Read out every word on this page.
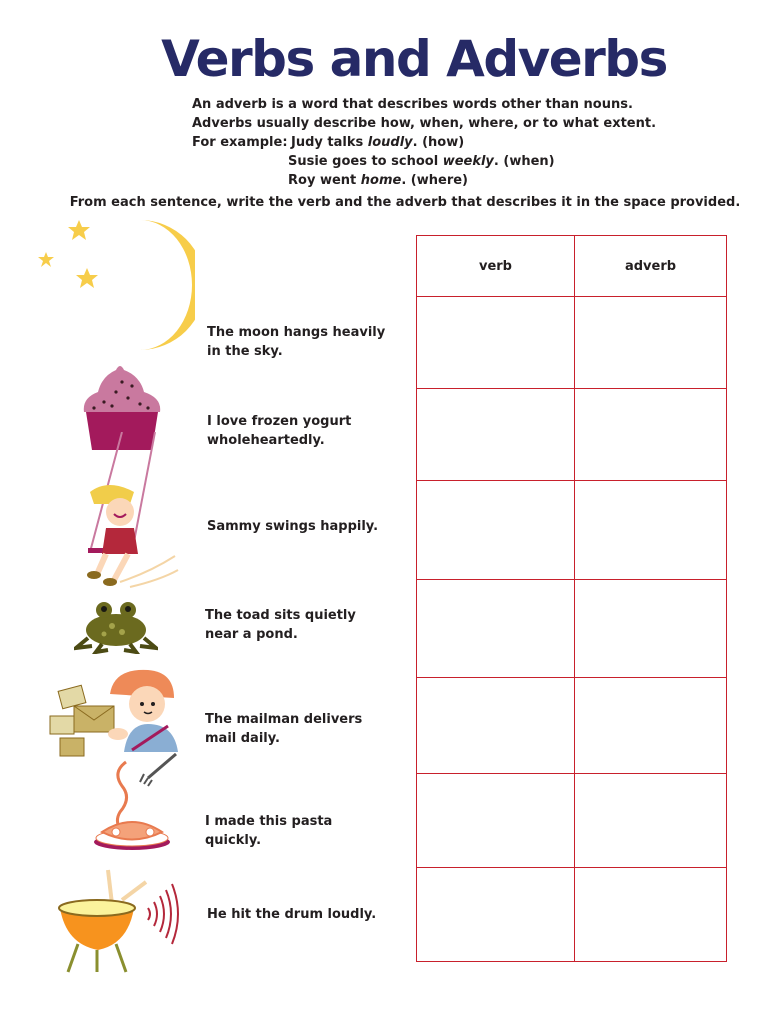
Verbs and Adverbs
An adverb is a word that describes words other than nouns.
Adverbs usually describe how, when, where, or to what extent.
For example: Judy talks loudly. (how)
Susie goes to school weekly. (when)
Roy went home. (where)
From each sentence, write the verb and the adverb that describes it in the space provided.
The moon hangs heavily in the sky.
I love frozen yogurt wholeheartedly.
Sammy swings happily.
The toad sits quietly near a pond.
The mailman delivers mail daily.
I made this pasta quickly.
He hit the drum loudly.
verb	adverb
